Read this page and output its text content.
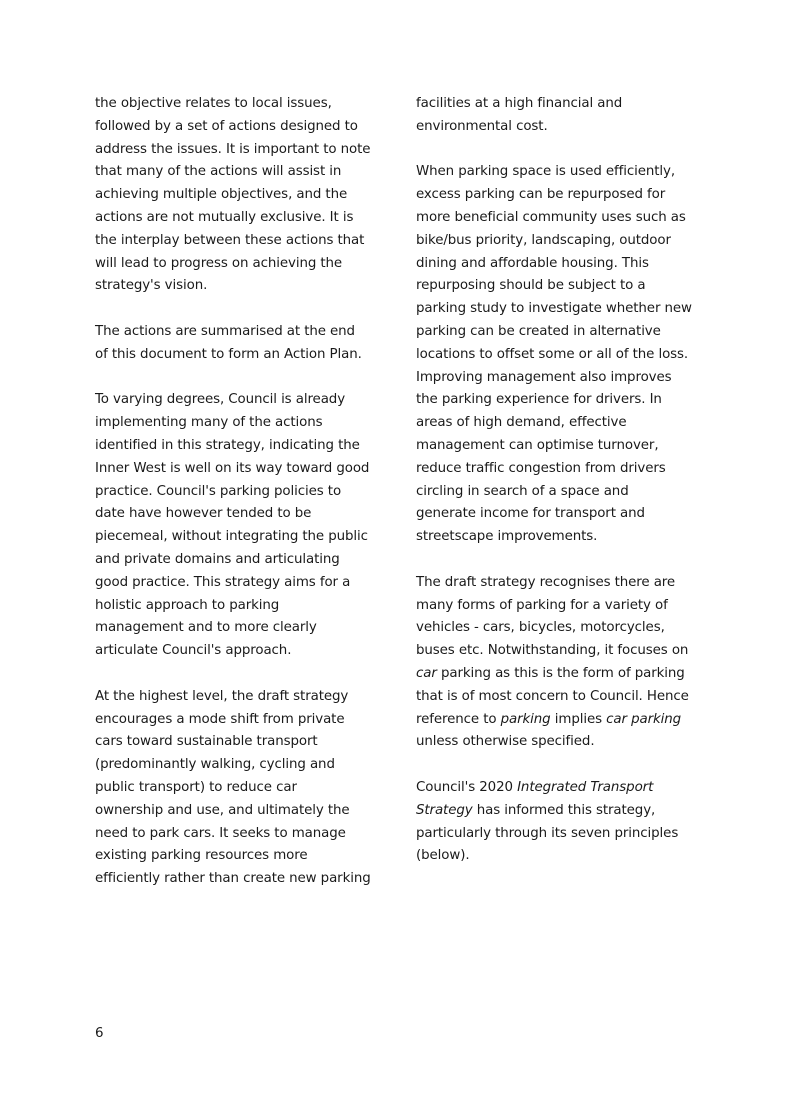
the objective relates to local issues,
followed by a set of actions designed to
address the issues. It is important to note
that many of the actions will assist in
achieving multiple objectives, and the
actions are not mutually exclusive. It is
the interplay between these actions that
will lead to progress on achieving the
strategy's vision.
The actions are summarised at the end
of this document to form an Action Plan.
To varying degrees, Council is already
implementing many of the actions
identified in this strategy, indicating the
Inner West is well on its way toward good
practice. Council's parking policies to
date have however tended to be
piecemeal, without integrating the public
and private domains and articulating
good practice. This strategy aims for a
holistic approach to parking
management and to more clearly
articulate Council's approach.
At the highest level, the draft strategy
encourages a mode shift from private
cars toward sustainable transport
(predominantly walking, cycling and
public transport) to reduce car
ownership and use, and ultimately the
need to park cars. It seeks to manage
existing parking resources more
efficiently rather than create new parking
facilities at a high financial and
environmental cost.
When parking space is used efficiently,
excess parking can be repurposed for
more beneficial community uses such as
bike/bus priority, landscaping, outdoor
dining and affordable housing. This
repurposing should be subject to a
parking study to investigate whether new
parking can be created in alternative
locations to offset some or all of the loss.
Improving management also improves
the parking experience for drivers. In
areas of high demand, effective
management can optimise turnover,
reduce traffic congestion from drivers
circling in search of a space and
generate income for transport and
streetscape improvements.
The draft strategy recognises there are
many forms of parking for a variety of
vehicles - cars, bicycles, motorcycles,
buses etc. Notwithstanding, it focuses on
car parking as this is the form of parking
that is of most concern to Council. Hence
reference to parking implies car parking
unless otherwise specified.
Council's 2020 Integrated Transport
Strategy has informed this strategy,
particularly through its seven principles
(below).
6
